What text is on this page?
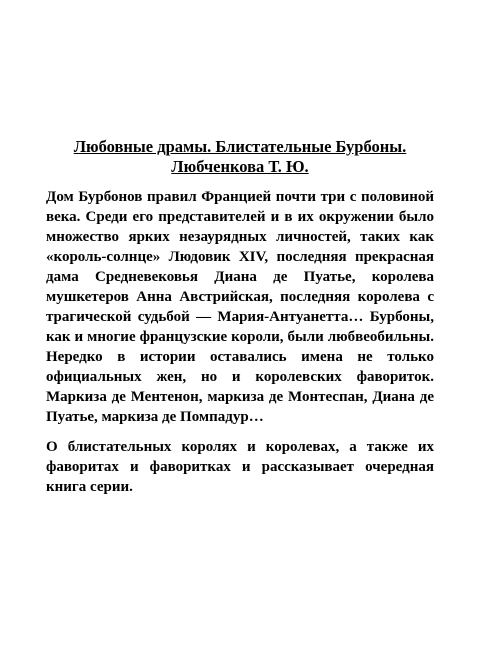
Любовные драмы. Блистательные Бурбоны.
Любченкова Т. Ю.

Дом Бурбонов правил Францией почти три с половиной века. Среди его представителей и в их окружении было множество ярких незаурядных личностей, таких как «король-солнце» Людовик XIV, последняя прекрасная дама Средневековья Диана де Пуатье, королева мушкетеров Анна Австрийская, последняя королева с трагической судьбой — Мария-Антуанетта… Бурбоны, как и многие французские короли, были любвеобильны. Нередко в истории оставались имена не только официальных жен, но и королевских фавориток. Маркиза де Ментенон, маркиза де Монтеспан, Диана де Пуатье, маркиза де Помпадур…

О блистательных королях и королевах, а также их фаворитах и фаворитках и рассказывает очередная книга серии.
